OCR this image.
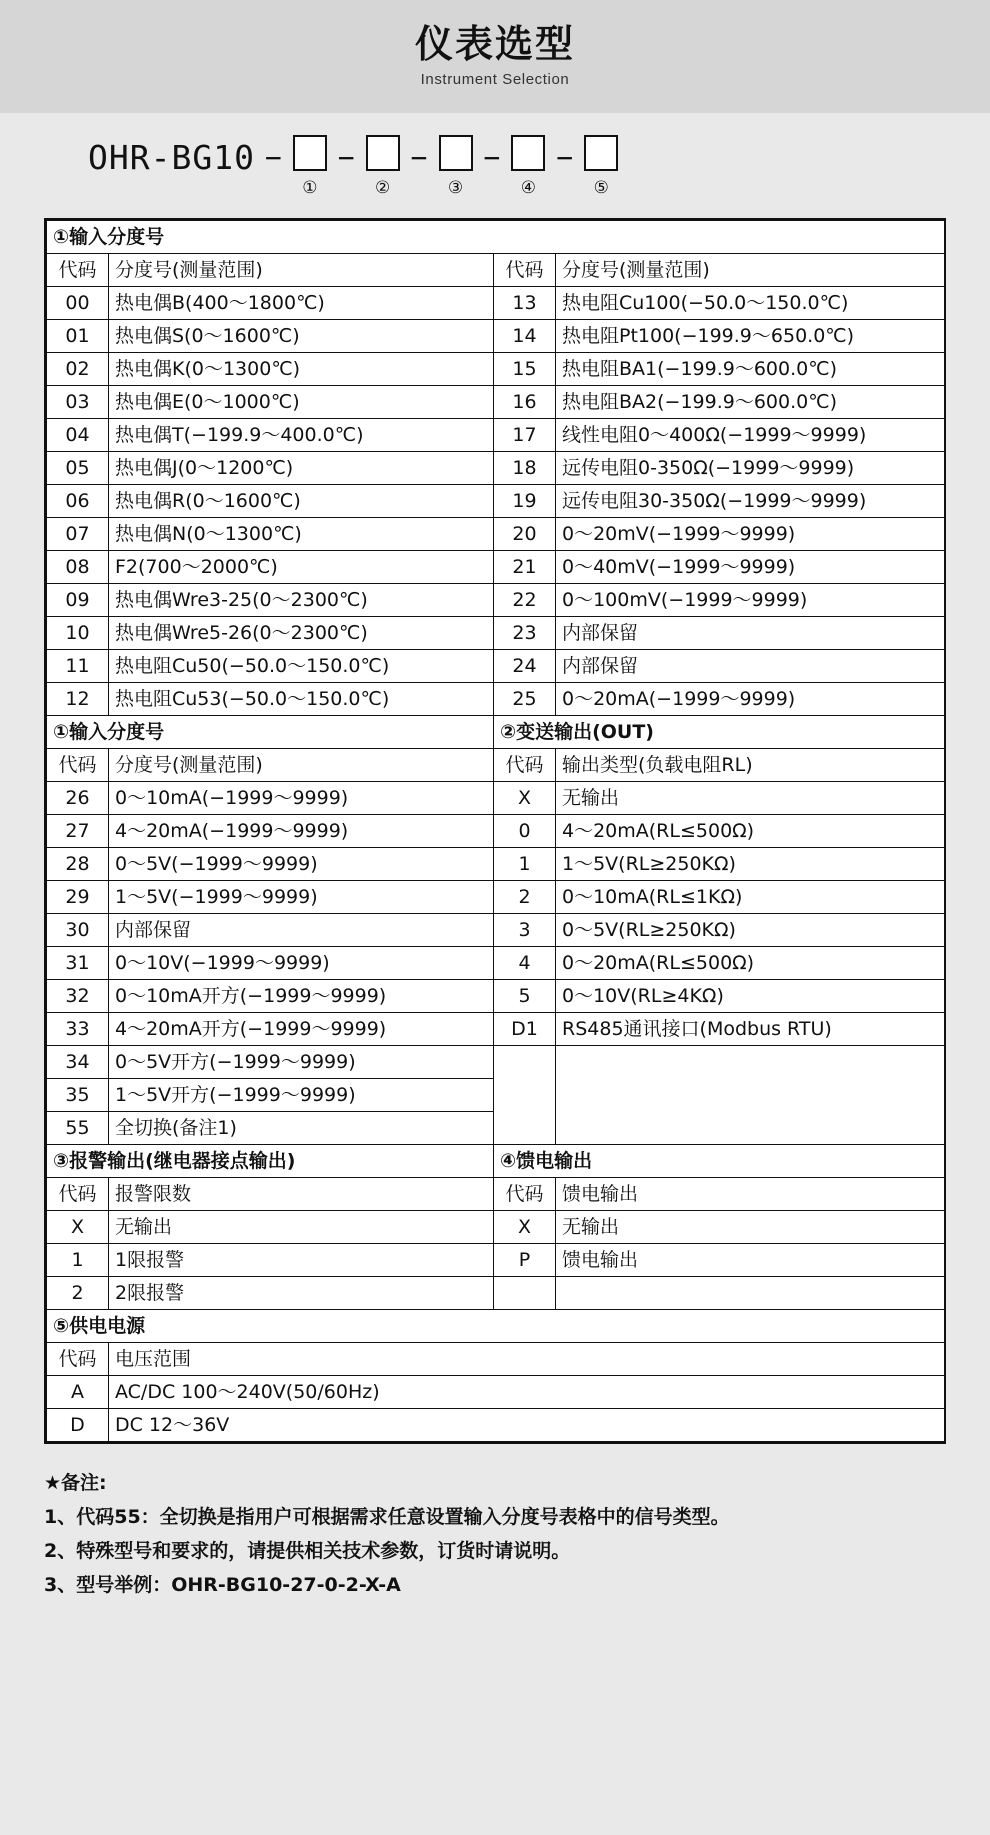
仪表选型
Instrument Selection
OHR-BG10 −
①
−
②
−
③
−
④
−
⑤
①输入分度号			
代码	分度号(测量范围)	代码	分度号(测量范围)
00	热电偶B(400〜1800℃)	13	热电阻Cu100(−50.0〜150.0℃)
01	热电偶S(0〜1600℃)	14	热电阻Pt100(−199.9〜650.0℃)
02	热电偶K(0〜1300℃)	15	热电阻BA1(−199.9〜600.0℃)
03	热电偶E(0〜1000℃)	16	热电阻BA2(−199.9〜600.0℃)
04	热电偶T(−199.9〜400.0℃)	17	线性电阻0〜400Ω(−1999〜9999)
05	热电偶J(0〜1200℃)	18	远传电阻0-350Ω(−1999〜9999)
06	热电偶R(0〜1600℃)	19	远传电阻30-350Ω(−1999〜9999)
07	热电偶N(0〜1300℃)	20	0〜20mV(−1999〜9999)
08	F2(700〜2000℃)	21	0〜40mV(−1999〜9999)
09	热电偶Wre3-25(0〜2300℃)	22	0〜100mV(−1999〜9999)
10	热电偶Wre5-26(0〜2300℃)	23	内部保留
11	热电阻Cu50(−50.0〜150.0℃)	24	内部保留
12	热电阻Cu53(−50.0〜150.0℃)	25	0〜20mA(−1999〜9999)
①输入分度号		②变送输出(OUT)	
代码	分度号(测量范围)	代码	输出类型(负载电阻RL)
26	0〜10mA(−1999〜9999)	X	无输出
27	4〜20mA(−1999〜9999)	0	4〜20mA(RL≤500Ω)
28	0〜5V(−1999〜9999)	1	1〜5V(RL≥250KΩ)
29	1〜5V(−1999〜9999)	2	0〜10mA(RL≤1KΩ)
30	内部保留	3	0〜5V(RL≥250KΩ)
31	0〜10V(−1999〜9999)	4	0〜20mA(RL≤500Ω)
32	0〜10mA开方(−1999〜9999)	5	0〜10V(RL≥4KΩ)
33	4〜20mA开方(−1999〜9999)	D1	RS485通讯接口(Modbus RTU)
34	0〜5V开方(−1999〜9999)		
35	1〜5V开方(−1999〜9999)		
55	全切换(备注1)		
③报警输出(继电器接点输出)		④馈电输出	
代码	报警限数	代码	馈电输出
X	无输出	X	无输出
1	1限报警	P	馈电输出
2	2限报警		
⑤供电电源			
代码	电压范围		
A	AC/DC 100〜240V(50/60Hz)		
D	DC 12〜36V		
★备注:
1、代码55：全切换是指用户可根据需求任意设置输入分度号表格中的信号类型。
2、特殊型号和要求的，请提供相关技术参数，订货时请说明。
3、型号举例：OHR-BG10-27-0-2-X-A
